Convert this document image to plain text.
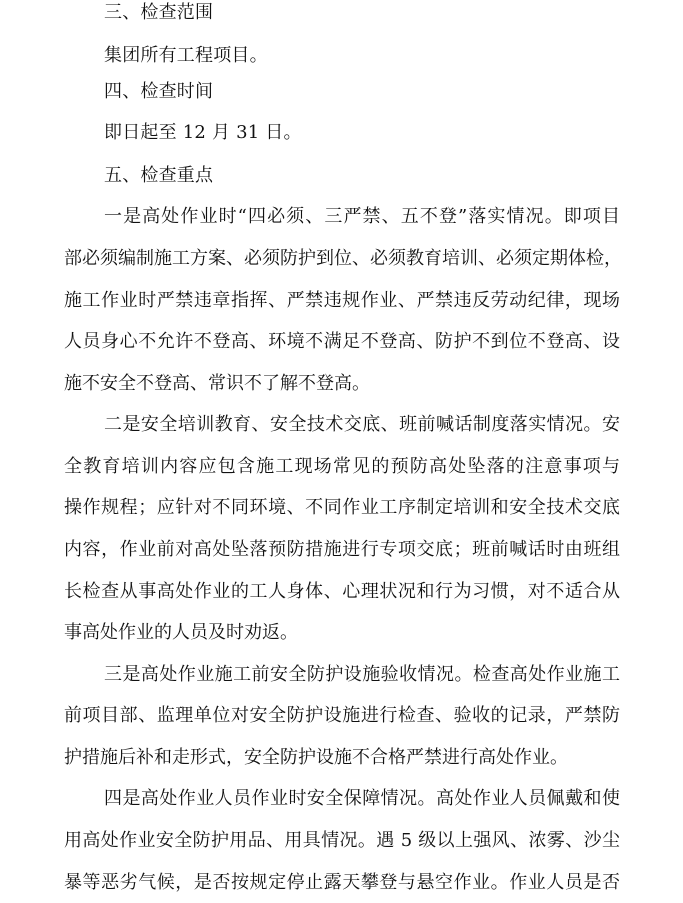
三、检查范围
集团所有工程项目。
四、检查时间
即日起至 12 月 31 日。
五、检查重点
一是高处作业时“四必须、三严禁、五不登”落实情况。即项目
部必须编制施工方案、必须防护到位、必须教育培训、必须定期体检，
施工作业时严禁违章指挥、严禁违规作业、严禁违反劳动纪律，现场
人员身心不允许不登高、环境不满足不登高、防护不到位不登高、设
施不安全不登高、常识不了解不登高。
二是安全培训教育、安全技术交底、班前喊话制度落实情况。安
全教育培训内容应包含施工现场常见的预防高处坠落的注意事项与
操作规程；应针对不同环境、不同作业工序制定培训和安全技术交底
内容，作业前对高处坠落预防措施进行专项交底；班前喊话时由班组
长检查从事高处作业的工人身体、心理状况和行为习惯，对不适合从
事高处作业的人员及时劝返。
三是高处作业施工前安全防护设施验收情况。检查高处作业施工
前项目部、监理单位对安全防护设施进行检查、验收的记录，严禁防
护措施后补和走形式，安全防护设施不合格严禁进行高处作业。
四是高处作业人员作业时安全保障情况。高处作业人员佩戴和使
用高处作业安全防护用品、用具情况。遇 5 级以上强风、浓雾、沙尘
暴等恶劣气候，是否按规定停止露天攀登与悬空作业。作业人员是否
